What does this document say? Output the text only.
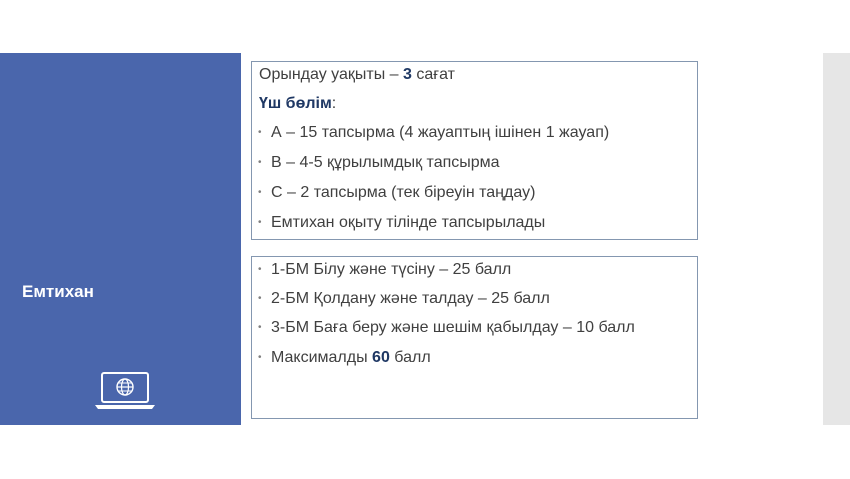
Емтихан
Орындау уақыты – 3 сағат
Үш бөлім:
• А – 15 тапсырма (4 жауаптың ішінен 1 жауап)
• В – 4-5 құрылымдық тапсырма
• С – 2 тапсырма (тек біреуін таңдау)
• Емтихан оқыту тілінде тапсырылады
• 1-БМ Білу және түсіну – 25 балл
• 2-БМ Қолдану және талдау – 25 балл
• 3-БМ Баға беру және шешім қабылдау – 10 балл
• Максималды 60 балл
